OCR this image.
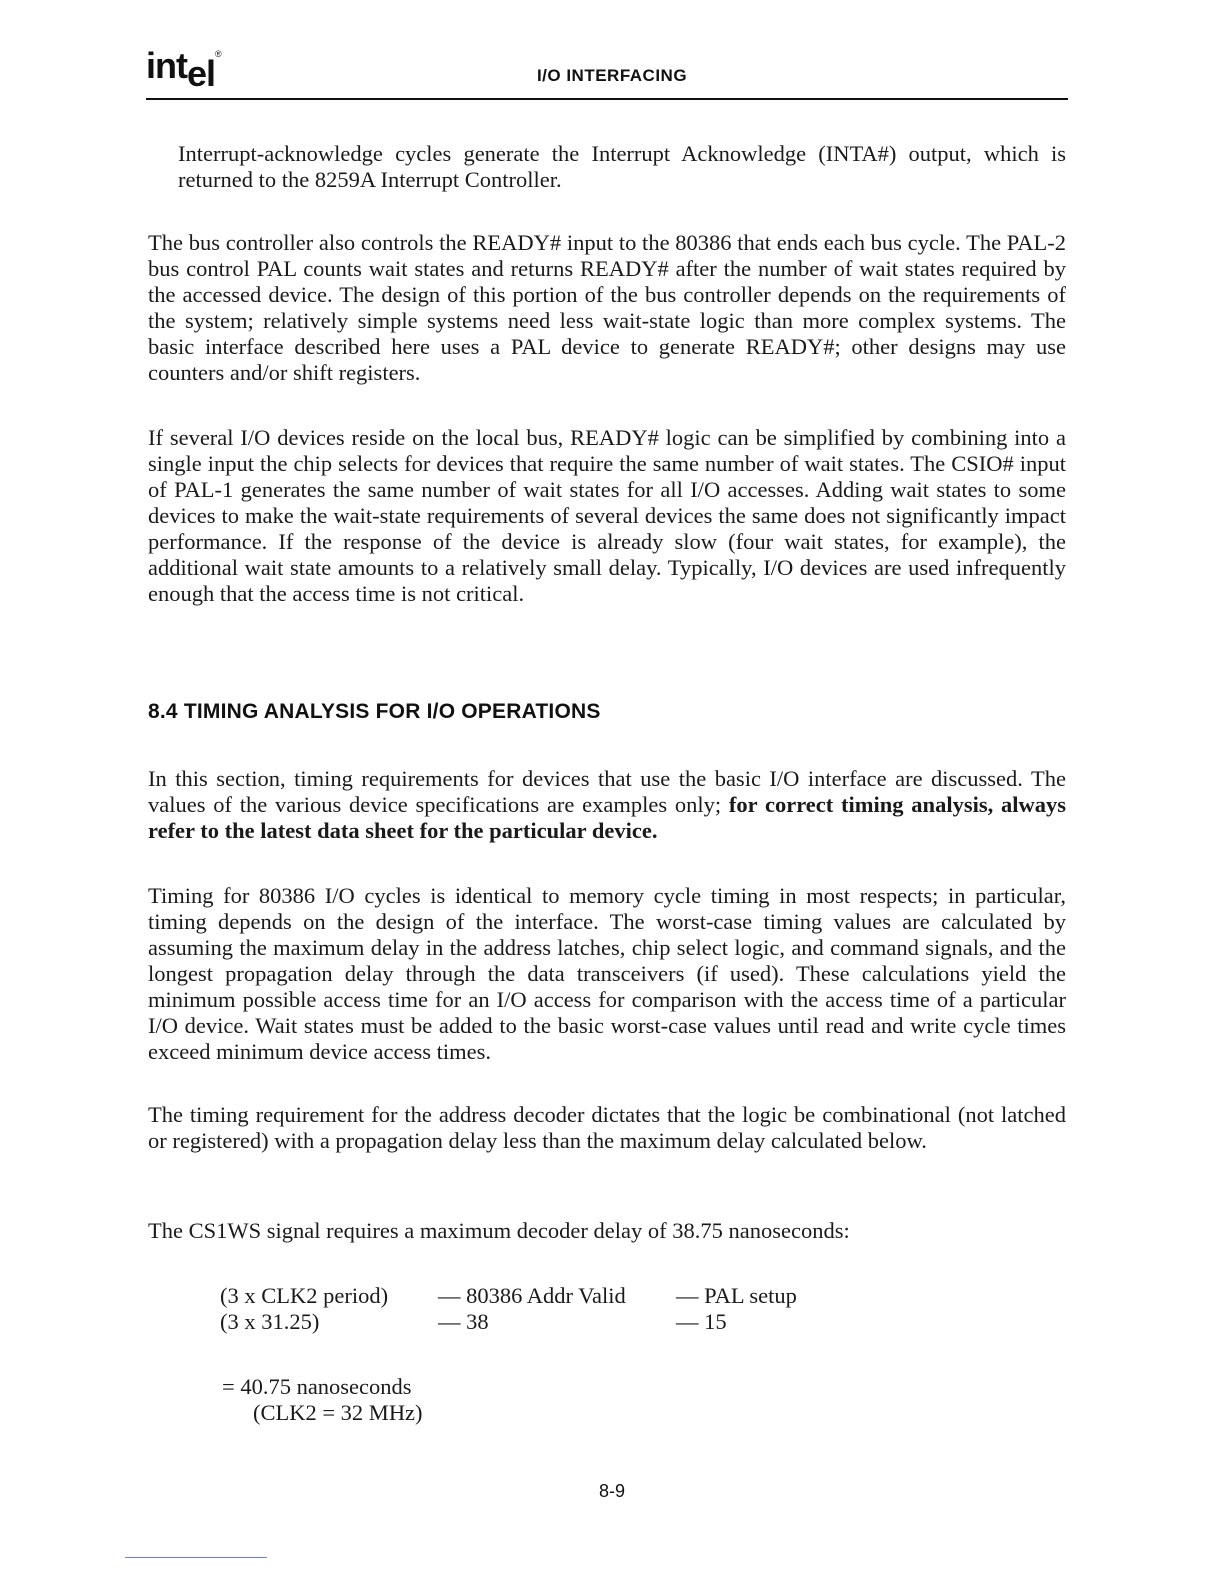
intel®
I/O INTERFACING

Interrupt-acknowledge cycles generate the Interrupt Acknowledge (INTA#) output, which is returned to the 8259A Interrupt Controller.

The bus controller also controls the READY# input to the 80386 that ends each bus cycle. The PAL-2 bus control PAL counts wait states and returns READY# after the number of wait states required by the accessed device. The design of this portion of the bus controller depends on the requirements of the system; relatively simple systems need less wait-state logic than more complex systems. The basic interface described here uses a PAL device to generate READY#; other designs may use counters and/or shift registers.

If several I/O devices reside on the local bus, READY# logic can be simplified by combining into a single input the chip selects for devices that require the same number of wait states. The CSIO# input of PAL-1 generates the same number of wait states for all I/O accesses. Adding wait states to some devices to make the wait-state requirements of several devices the same does not significantly impact performance. If the response of the device is already slow (four wait states, for example), the additional wait state amounts to a relatively small delay. Typically, I/O devices are used infrequently enough that the access time is not critical.

8.4 TIMING ANALYSIS FOR I/O OPERATIONS

In this section, timing requirements for devices that use the basic I/O interface are discussed. The values of the various device specifications are examples only; for correct timing analysis, always refer to the latest data sheet for the particular device.

Timing for 80386 I/O cycles is identical to memory cycle timing in most respects; in particular, timing depends on the design of the interface. The worst-case timing values are calculated by assuming the maximum delay in the address latches, chip select logic, and command signals, and the longest propagation delay through the data transceivers (if used). These calculations yield the minimum possible access time for an I/O access for comparison with the access time of a particular I/O device. Wait states must be added to the basic worst-case values until read and write cycle times exceed minimum device access times.

The timing requirement for the address decoder dictates that the logic be combinational (not latched or registered) with a propagation delay less than the maximum delay calculated below.

The CS1WS signal requires a maximum decoder delay of 38.75 nanoseconds:

(3 x CLK2 period) — 80386 Addr Valid — PAL setup
(3 x 31.25)	— 38	— 15
= 40.75 nanoseconds
(CLK2 = 32 MHz)
8-9
